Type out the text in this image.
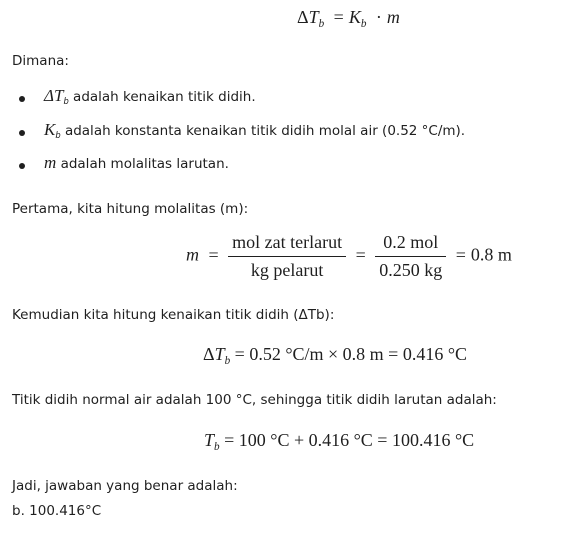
$\Delta T_b = K_b \cdot m$
Dimana:
$\Delta T_b$ adalah kenaikan titik didih.
$K_b$ adalah konstanta kenaikan titik didih molal air (0.52 °C/m).
m adalah molalitas larutan.
Pertama, kita hitung molalitas (m):
$m = \frac{\text{mol zat terlarut}}{\text{kg pelarut}} = \frac{\text{0.2 mol}}{0.250 kg} = 0.8$ m
Kemudian kita hitung kenaikan titik didih (ΔTb):
$\Delta T_b = 0.52$ °C/m × 0.8 m = 0.416 °C
Titik didih normal air adalah 100 °C, sehingga titik didih larutan adalah:
$T_b = 100$ °C + 0.416 °C = 100.416 °C
Jadi, jawaban yang benar adalah:
b. 100.416°C
